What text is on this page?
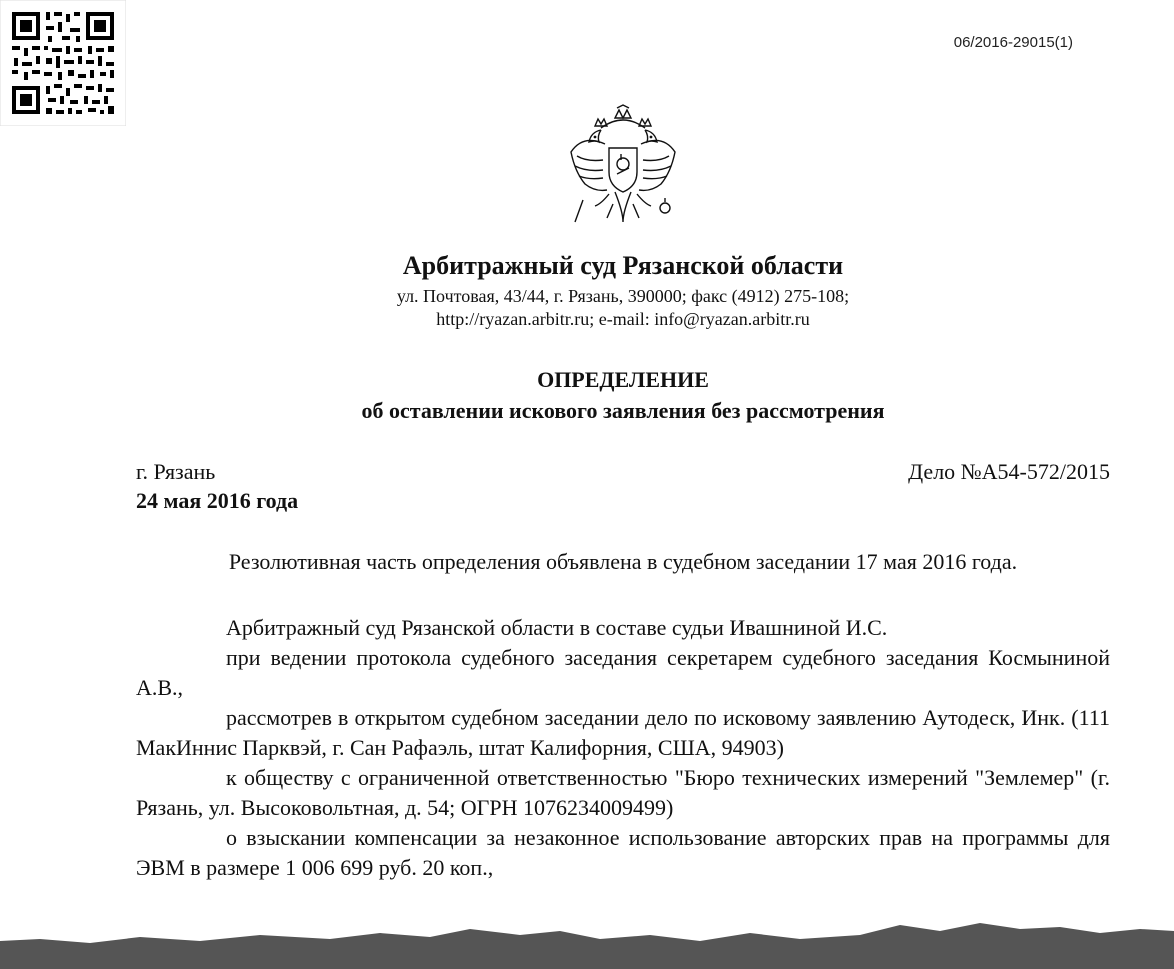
06/2016-29015(1)
Арбитражный суд Рязанской области
ул. Почтовая, 43/44, г. Рязань, 390000; факс (4912) 275-108;
http://ryazan.arbitr.ru; e-mail: info@ryazan.arbitr.ru
ОПРЕДЕЛЕНИЕ
об оставлении искового заявления без рассмотрения
г. Рязань	Дело №А54-572/2015
24 мая 2016 года
Резолютивная часть определения объявлена в судебном заседании 17 мая 2016 года.

Арбитражный суд Рязанской области в составе судьи Ивашниной И.С.

при ведении протокола судебного заседания секретарем судебного заседания Космыниной А.В.,

рассмотрев в открытом судебном заседании дело по исковому заявлению Аутодеск, Инк. (111 МакИннис Парквэй, г. Сан Рафаэль, штат Калифорния, США, 94903)

к обществу с ограниченной ответственностью "Бюро технических измерений "Землемер" (г. Рязань, ул. Высоковольтная, д. 54; ОГРН 1076234009499)

о взыскании компенсации за незаконное использование авторских прав на программы для ЭВМ в размере 1 006 699 руб. 20 коп.,
